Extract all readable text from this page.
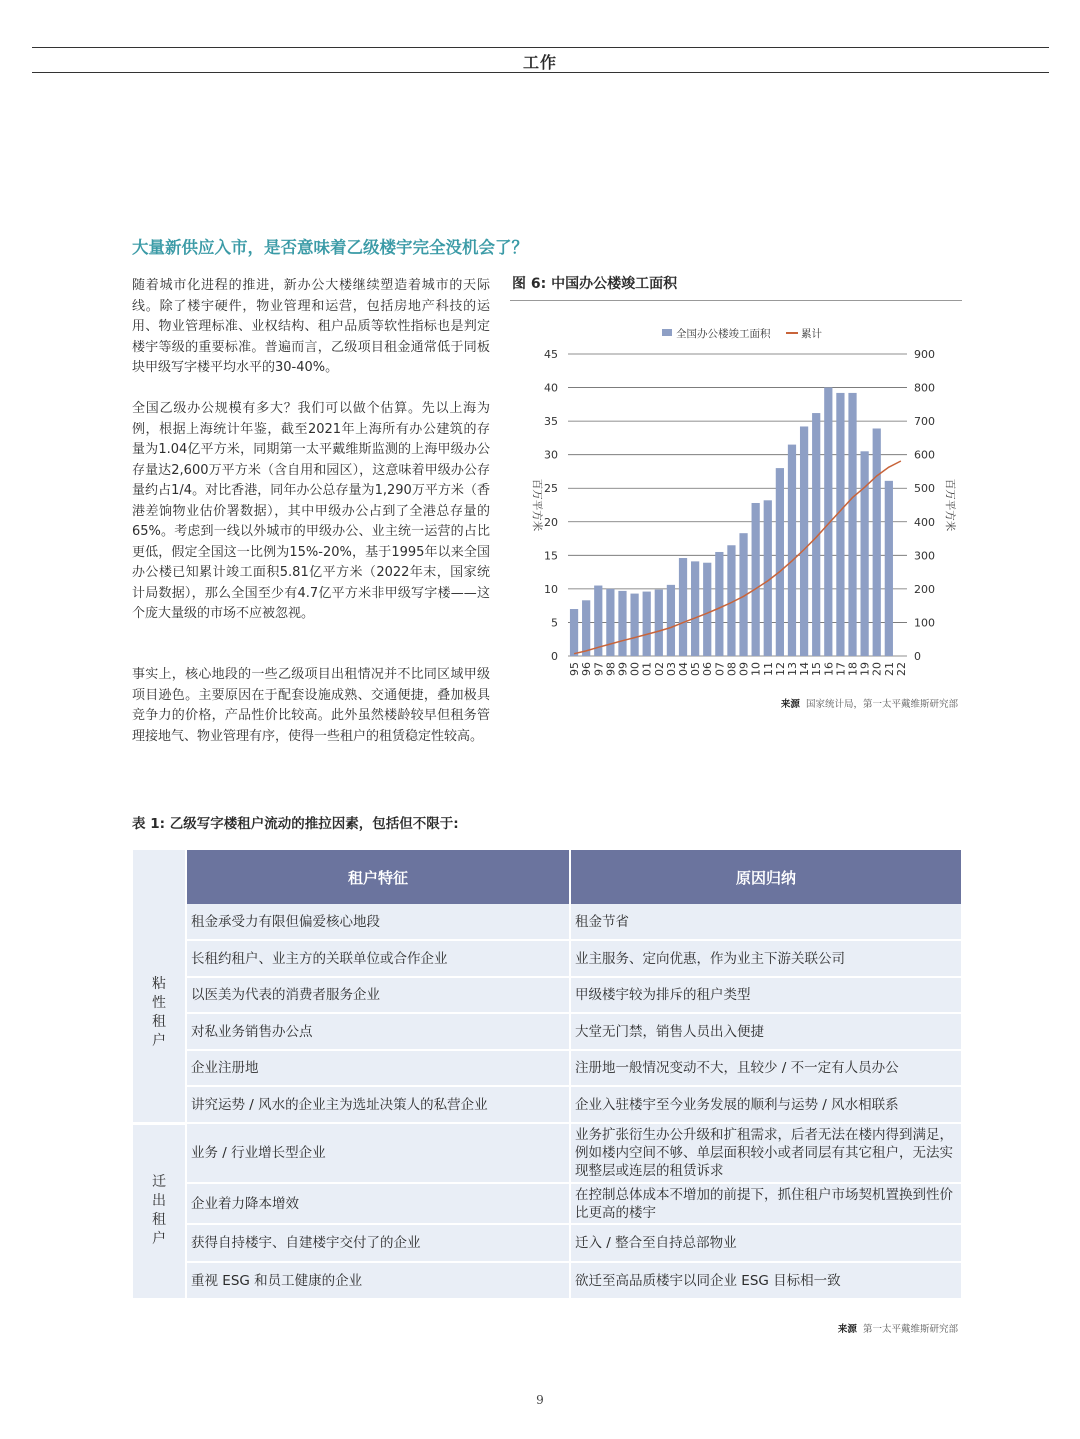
工作
大量新供应入市，是否意味着乙级楼宇完全没机会了？

随着城市化进程的推进，新办公大楼继续塑造着城市的天际线。除了楼宇硬件，物业管理和运营，包括房地产科技的运用、物业管理标准、业权结构、租户品质等软性指标也是判定楼宇等级的重要标准。普遍而言，乙级项目租金通常低于同板块甲级写字楼平均水平的30-40%。

全国乙级办公规模有多大？我们可以做个估算。先以上海为例，根据上海统计年鉴，截至2021年上海所有办公建筑的存量为1.04亿平方米，同期第一太平戴维斯监测的上海甲级办公存量达2,600万平方米（含自用和园区），这意味着甲级办公存量约占1/4。对比香港，同年办公总存量为1,290万平方米（香港差饷物业估价署数据），其中甲级办公占到了全港总存量的65%。考虑到一线以外城市的甲级办公、业主统一运营的占比更低，假定全国这一比例为15%-20%，基于1995年以来全国办公楼已知累计竣工面积5.81亿平方米（2022年末，国家统计局数据），那么全国至少有4.7亿平方米非甲级写字楼——这个庞大量级的市场不应被忽视。

事实上，核心地段的一些乙级项目出租情况并不比同区域甲级项目逊色。主要原因在于配套设施成熟、交通便捷，叠加极具竞争力的价格，产品性价比较高。此外虽然楼龄较早但租务管理接地气、物业管理有序，使得一些租户的租赁稳定性较高。

图 6: 中国办公楼竣工面积
全国办公楼竣工面积	累计
0
5
10
15
20
25
30
35
40
45
0
100
200
300
400
500
600
700
800
900
95 96 97 98 99 00 01 02 03 04 05 06 07 08 09 10 11 12 13 14 15 16 17 18 19 20 21 22
百万平方米	百万平方米
来源 国家统计局，第一太平戴维斯研究部
表 1: 乙级写字楼租户流动的推拉因素，包括但不限于:
	租户特征	原因归纳
粘
性
租
户	租金承受力有限但偏爱核心地段	租金节省
	长租约租户、业主方的关联单位或合作企业	业主服务、定向优惠，作为业主下游关联公司
	以医美为代表的消费者服务企业	甲级楼宇较为排斥的租户类型
	对私业务销售办公点	大堂无门禁，销售人员出入便捷
	企业注册地	注册地一般情况变动不大，且较少 / 不一定有人员办公
	讲究运势 / 风水的企业主为选址决策人的私营企业	企业入驻楼宇至今业务发展的顺利与运势 / 风水相联系
迁
出
租
户	业务 / 行业增长型企业	业务扩张衍生办公升级和扩租需求，后者无法在楼内得到满足，例如楼内空间不够、单层面积较小或者同层有其它租户，无法实现整层或连层的租赁诉求
	企业着力降本增效	在控制总体成本不增加的前提下，抓住租户市场契机置换到性价比更高的楼宇
	获得自持楼宇、自建楼宇交付了的企业	迁入 / 整合至自持总部物业
	重视 ESG 和员工健康的企业	欲迁至高品质楼宇以同企业 ESG 目标相一致
来源 第一太平戴维斯研究部
9
